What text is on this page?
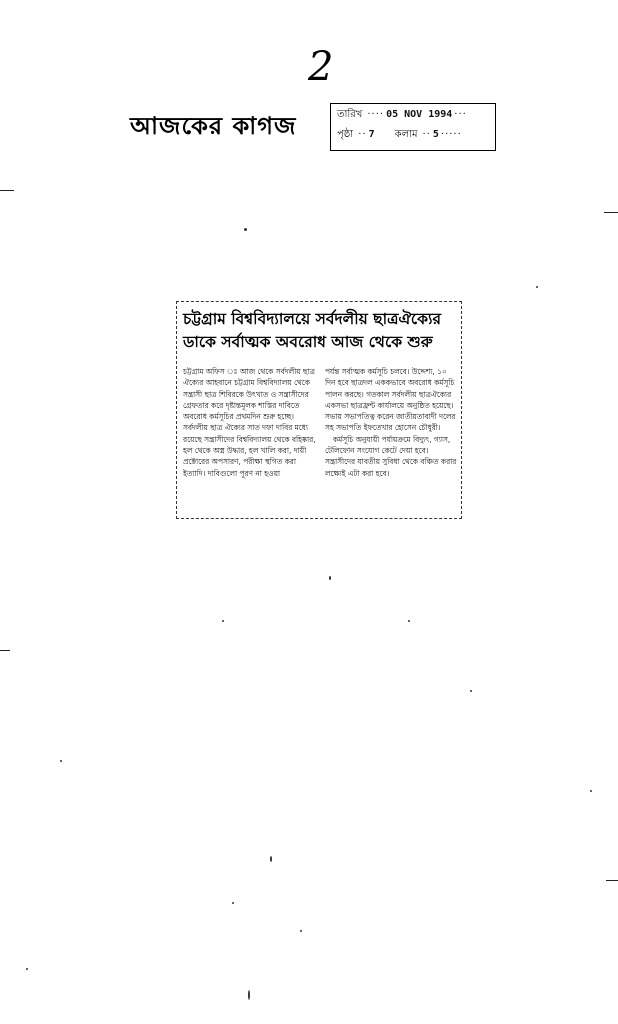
2
আজকের কাগজ	তারিখ ···· 05 NOV 1994 ···
পৃষ্ঠা ·· 7 কলাম ·· 5 ·····
চট্টগ্রাম বিশ্ববিদ্যালয়ে সর্বদলীয় ছাত্রঐক্যের
ডাকে সর্বাত্মক অবরোধ আজ থেকে শুরু

চট্টগ্রাম অফিস ঃ আজ থেকে সর্বদলীয় ছাত্র ঐক্যের আহবানে চট্টগ্রাম বিশ্ববিদ্যালয় থেকে সন্ত্রাসী ছাত্র শিবিরকে উৎখাত ও সন্ত্রাসীদের গ্রেফতার করে দৃষ্টান্তমূলক শাস্তির দাবিতে অবরোধ কর্মসূচির প্রথমদিন শুরু হচ্ছে। সর্বদলীয় ছাত্র ঐক্যের সাত দফা দাবির মধ্যে রয়েছে সন্ত্রাসীদের বিশ্ববিদ্যালয় থেকে বহিষ্কার, হল থেকে অস্ত্র উদ্ধার, হল খালি করা, দায়ী প্রক্টোরের অপসারণ, পরীক্ষা স্থগিত করা ইত্যাদি। দাবিগুলো পূরণ না হওয়া

পর্যন্ত সর্বাত্মক কর্মসূচি চলবে। উদ্দেশ্য, ১০ দিন হবে ছাত্রদল এককভাবে অবরোধ কর্মসূচি পালন করছে। গতকাল সর্বদলীয় ছাত্রঐক্যের একসভা ছাত্রফ্রন্ট কার্যালয়ে অনুষ্ঠিত হয়েছে। সভায় সভাপতিত্ব করেন জাতীয়তাবাদী দলের সহ সভাপতি ইফতেখার হোসেন চৌধুরী।

কর্মসূচি অনুযায়ী পর্যায়ক্রমে বিদ্যুৎ, গ্যাস, টেলিফোন সংযোগ কেটে দেয়া হবে। সন্ত্রাসীদের যাবতীয় সুবিধা থেকে বঞ্চিত করার লক্ষ্যেই এটা করা হবে।
